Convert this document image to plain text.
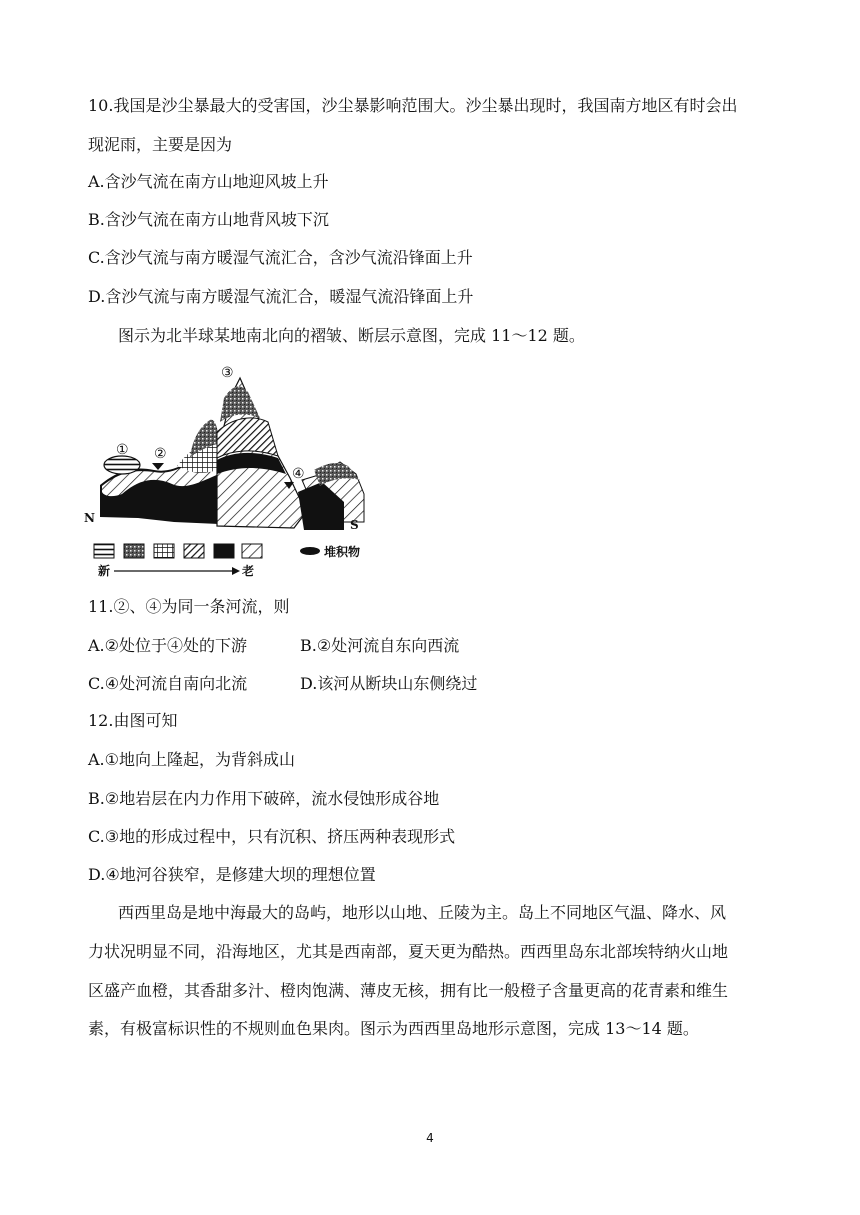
10.我国是沙尘暴最大的受害国，沙尘暴影响范围大。沙尘暴出现时，我国南方地区有时会出
现泥雨，主要是因为
A.含沙气流在南方山地迎风坡上升
B.含沙气流在南方山地背风坡下沉
C.含沙气流与南方暖湿气流汇合，含沙气流沿锋面上升
D.含沙气流与南方暖湿气流汇合，暖湿气流沿锋面上升
图示为北半球某地南北向的褶皱、断层示意图，完成 11～12 题。
① ②
③
④
N	S
堆积物
新	老
11.②、④为同一条河流，则
A.②处位于④处的下游	B.②处河流自东向西流
C.④处河流自南向北流	D.该河从断块山东侧绕过
12.由图可知
A.①地向上隆起，为背斜成山
B.②地岩层在内力作用下破碎，流水侵蚀形成谷地
C.③地的形成过程中，只有沉积、挤压两种表现形式
D.④地河谷狭窄，是修建大坝的理想位置
西西里岛是地中海最大的岛屿，地形以山地、丘陵为主。岛上不同地区气温、降水、风
力状况明显不同，沿海地区，尤其是西南部，夏天更为酷热。西西里岛东北部埃特纳火山地
区盛产血橙，其香甜多汁、橙肉饱满、薄皮无核，拥有比一般橙子含量更高的花青素和维生
素，有极富标识性的不规则血色果肉。图示为西西里岛地形示意图，完成 13～14 题。
4
